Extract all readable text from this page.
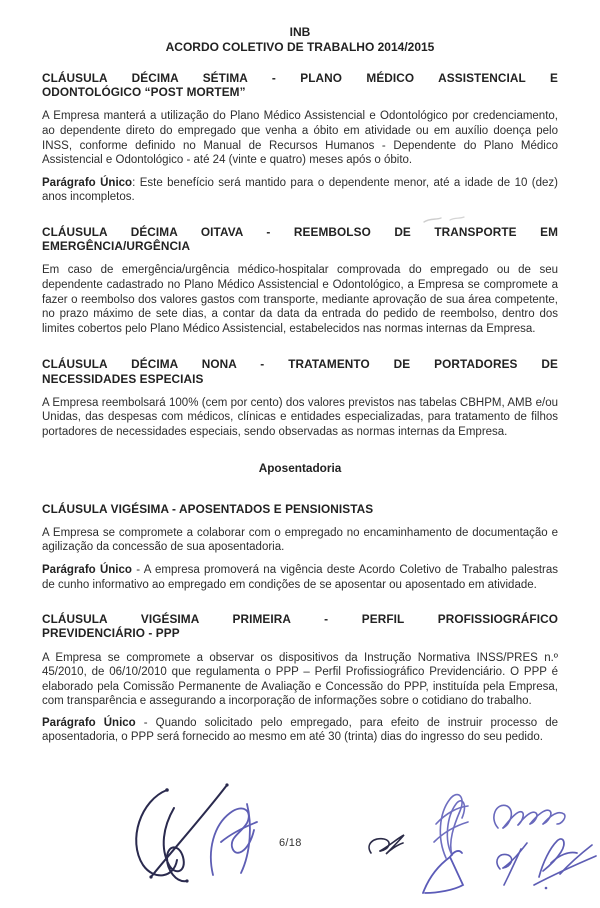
INB
ACORDO COLETIVO DE TRABALHO 2014/2015
CLÁUSULA DÉCIMA SÉTIMA - PLANO MÉDICO ASSISTENCIAL E
ODONTOLÓGICO “POST MORTEM”

A Empresa manterá a utilização do Plano Médico Assistencial e Odontológico por credenciamento, ao dependente direto do empregado que venha a óbito em atividade ou em auxílio doença pelo INSS, conforme definido no Manual de Recursos Humanos - Dependente do Plano Médico Assistencial e Odontológico - até 24 (vinte e quatro) meses após o óbito.

Parágrafo Único: Este benefício será mantido para o dependente menor, até a idade de 10 (dez) anos incompletos.

CLÁUSULA DÉCIMA OITAVA - REEMBOLSO DE TRANSPORTE EM
EMERGÊNCIA/URGÊNCIA

Em caso de emergência/urgência médico-hospitalar comprovada do empregado ou de seu dependente cadastrado no Plano Médico Assistencial e Odontológico, a Empresa se compromete a fazer o reembolso dos valores gastos com transporte, mediante aprovação de sua área competente, no prazo máximo de sete dias, a contar da data da entrada do pedido de reembolso, dentro dos limites cobertos pelo Plano Médico Assistencial, estabelecidos nas normas internas da Empresa.

CLÁUSULA DÉCIMA NONA - TRATAMENTO DE PORTADORES DE
NECESSIDADES ESPECIAIS

A Empresa reembolsará 100% (cem por cento) dos valores previstos nas tabelas CBHPM, AMB e/ou Unidas, das despesas com médicos, clínicas e entidades especializadas, para tratamento de filhos portadores de necessidades especiais, sendo observadas as normas internas da Empresa.

Aposentadoria
CLÁUSULA VIGÉSIMA - APOSENTADOS E PENSIONISTAS

A Empresa se compromete a colaborar com o empregado no encaminhamento de documentação e agilização da concessão de sua aposentadoria.

Parágrafo Único - A empresa promoverá na vigência deste Acordo Coletivo de Trabalho palestras de cunho informativo ao empregado em condições de se aposentar ou aposentado em atividade.

CLÁUSULA VIGÉSIMA PRIMEIRA - PERFIL PROFISSIOGRÁFICO
PREVIDENCIÁRIO - PPP

A Empresa se compromete a observar os dispositivos da Instrução Normativa INSS/PRES n.º 45/2010, de 06/10/2010 que regulamenta o PPP – Perfil Profissiográfico Previdenciário. O PPP é elaborado pela Comissão Permanente de Avaliação e Concessão do PPP, instituída pela Empresa, com transparência e assegurando a incorporação de informações sobre o cotidiano do trabalho.

Parágrafo Único - Quando solicitado pelo empregado, para efeito de instruir processo de aposentadoria, o PPP será fornecido ao mesmo em até 30 (trinta) dias do ingresso do seu pedido.

6/18
